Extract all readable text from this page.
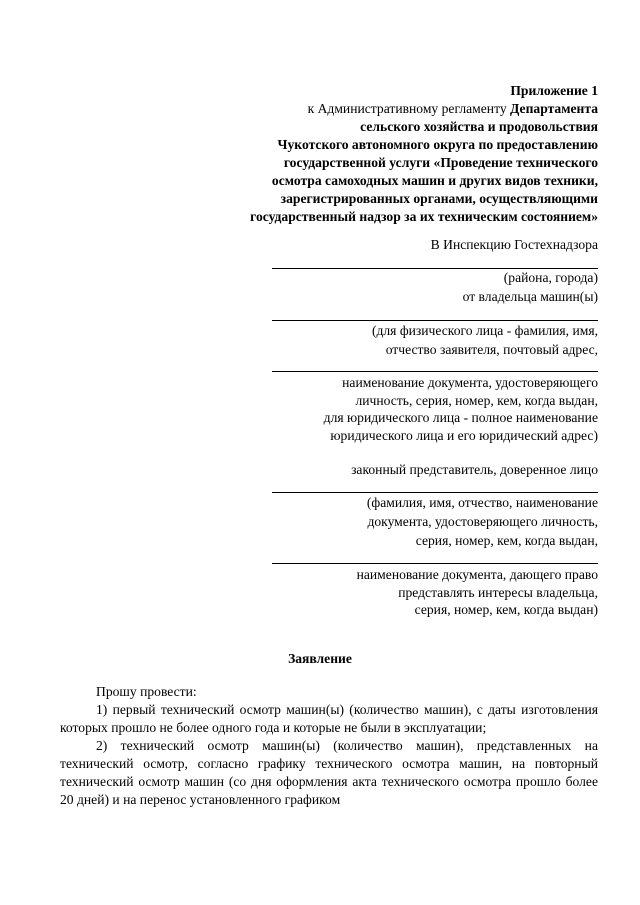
Приложение 1
к Административному регламенту Департамента
сельского хозяйства и продовольствия
Чукотского автономного округа по предоставлению
государственной услуги «Проведение технического
осмотра самоходных машин и других видов техники,
зарегистрированных органами, осуществляющими
государственный надзор за их техническим состоянием»
В Инспекцию Гостехнадзора
(района, города)
от владельца машин(ы)
(для физического лица - фамилия, имя,
отчество заявителя, почтовый адрес,
наименование документа, удостоверяющего
личность, серия, номер, кем, когда выдан,
для юридического лица - полное наименование
юридического лица и его юридический адрес)
законный представитель, доверенное лицо
(фамилия, имя, отчество, наименование
документа, удостоверяющего личность,
серия, номер, кем, когда выдан,
наименование документа, дающего право
представлять интересы владельца,
серия, номер, кем, когда выдан)
Заявление

Прошу провести:

1) первый технический осмотр машин(ы) (количество машин), с даты изготовления которых прошло не более одного года и которые не были в эксплуатации;

2) технический осмотр машин(ы) (количество машин), представленных на технический осмотр, согласно графику технического осмотра машин, на повторный технический осмотр машин (со дня оформления акта технического осмотра прошло более 20 дней) и на перенос установленного графиком
